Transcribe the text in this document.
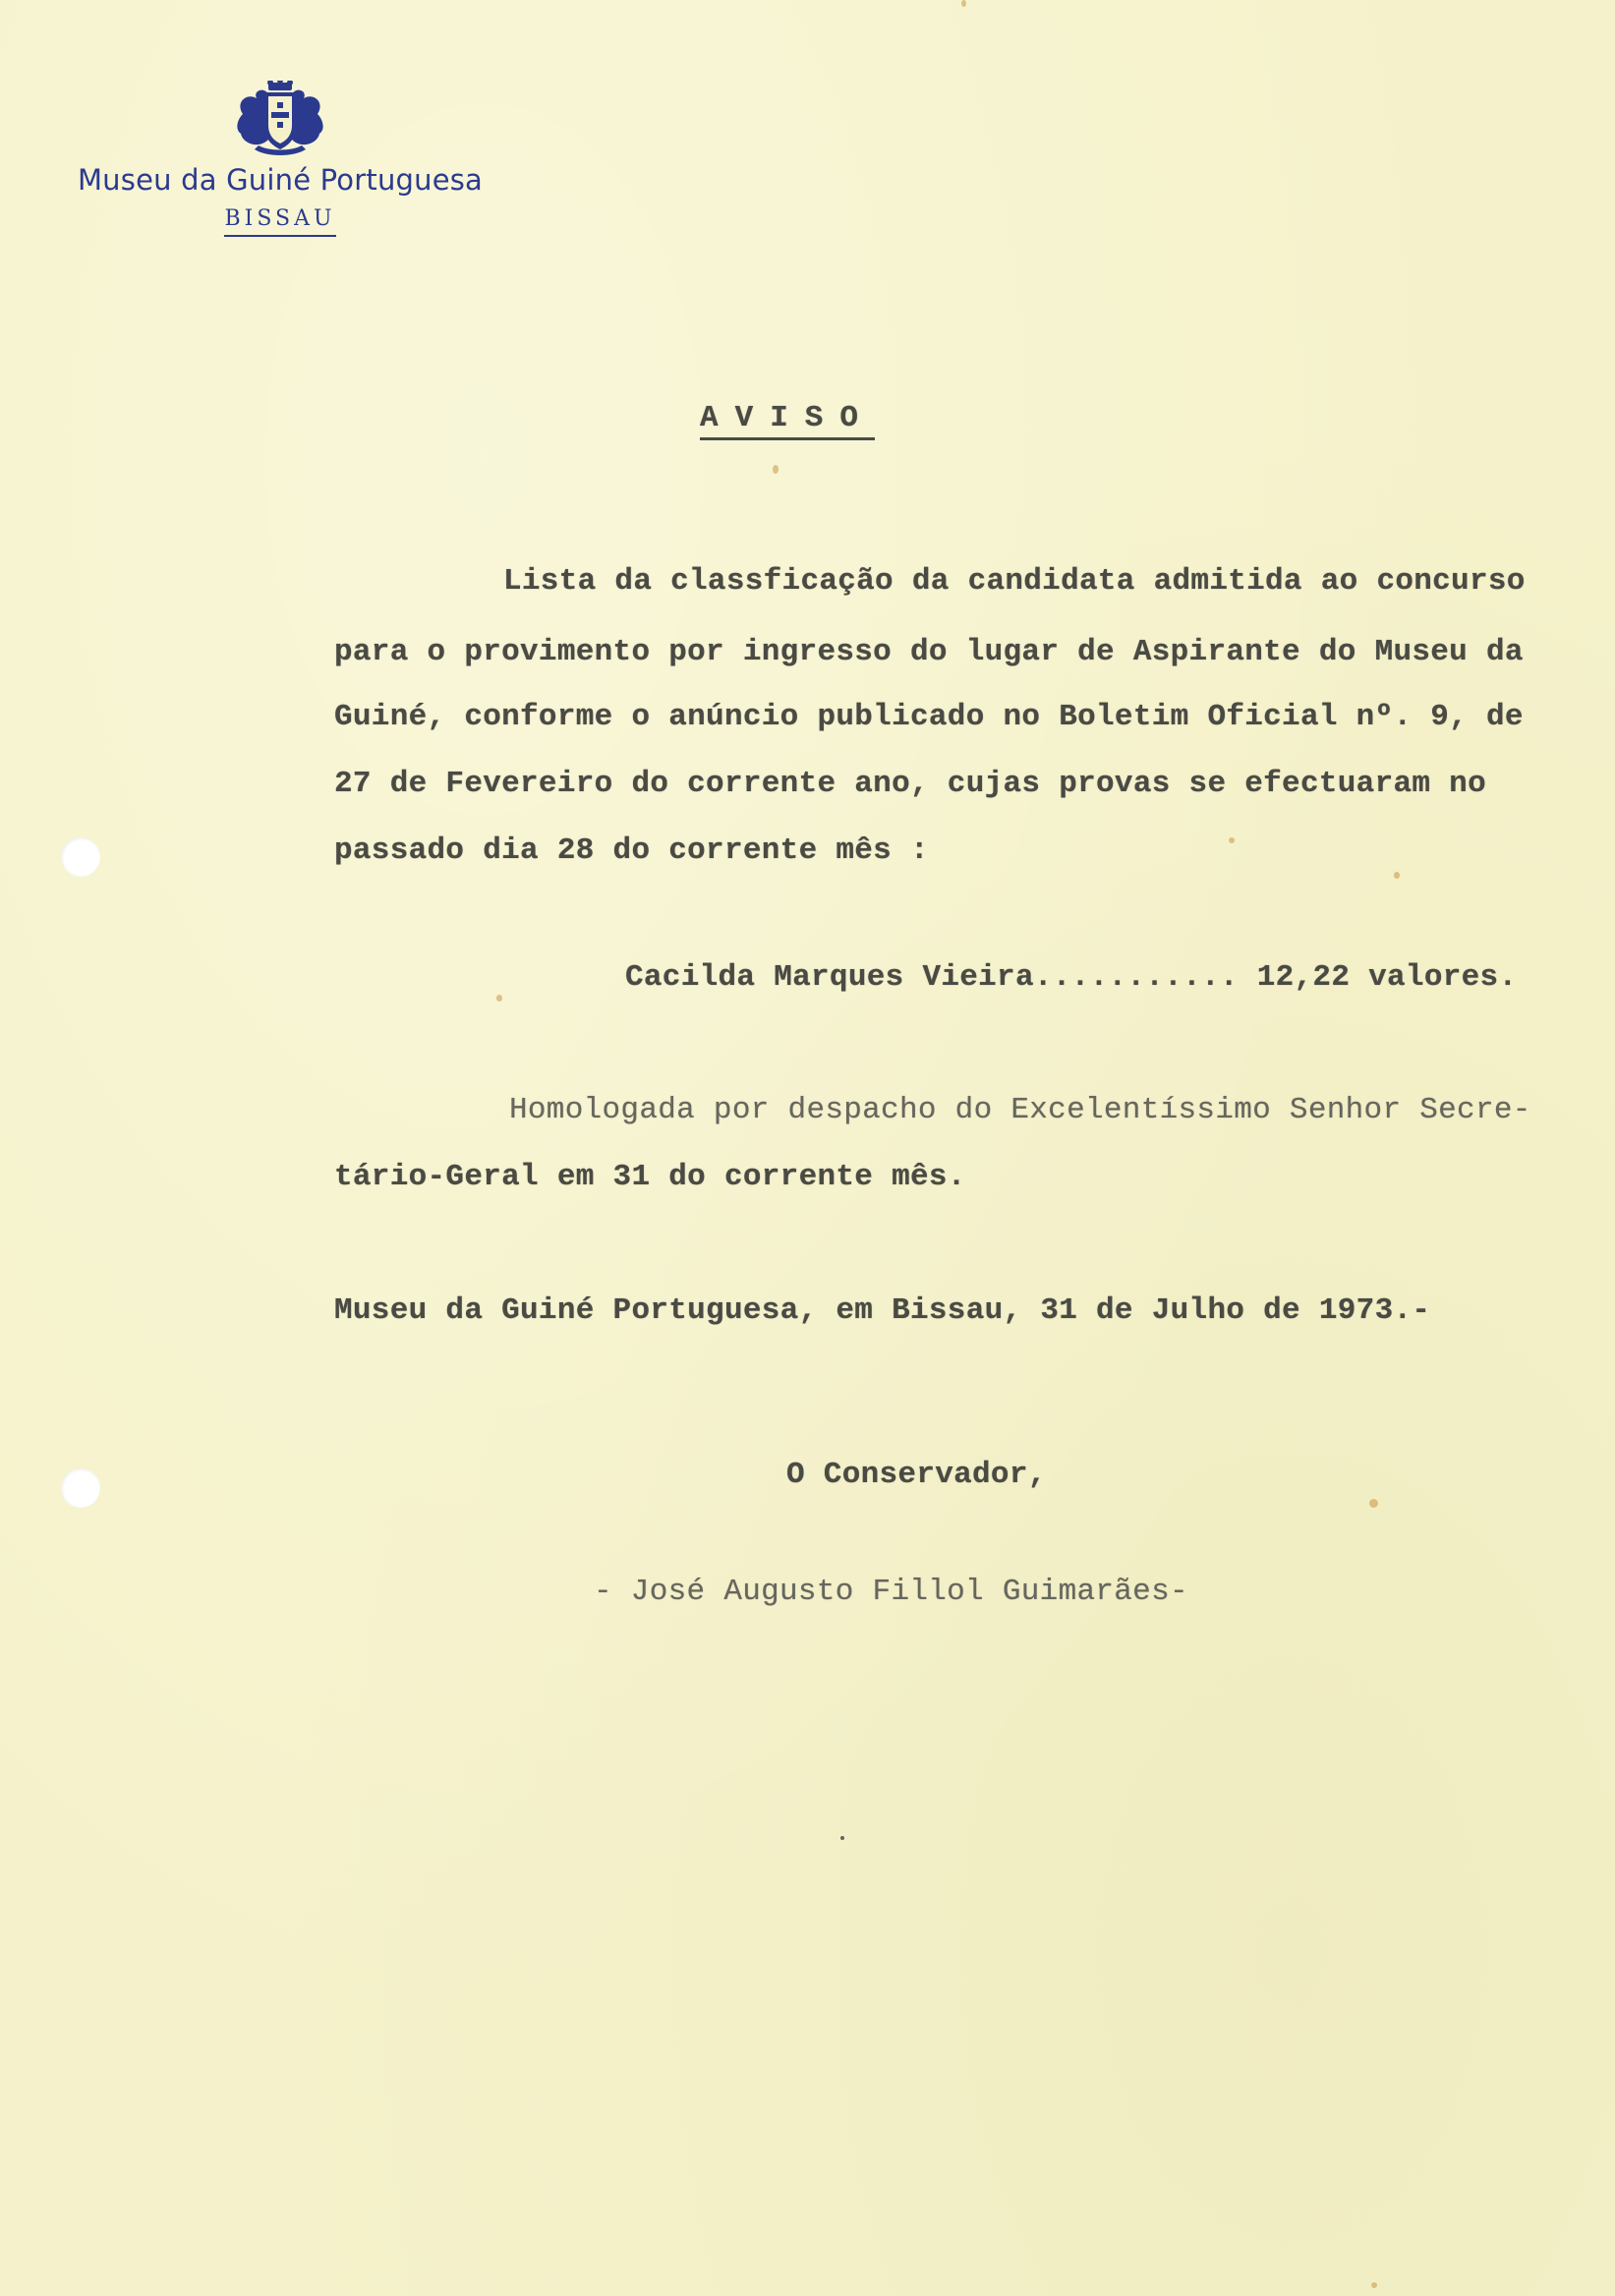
Museu da Guiné Portuguesa
BISSAU
AVISO
Lista da classficação da candidata admitida ao concurso
para o provimento por ingresso do lugar de Aspirante do Museu da
Guiné, conforme o anúncio publicado no Boletim Oficial nº. 9, de
27 de Fevereiro do corrente ano, cujas provas se efectuaram no
passado dia 28 do corrente mês :
Cacilda Marques Vieira........... 12,22 valores.
Homologada por despacho do Excelentíssimo Senhor Secre-
tário-Geral em 31 do corrente mês.
Museu da Guiné Portuguesa, em Bissau, 31 de Julho de 1973.-
O Conservador,
- José Augusto Fillol Guimarães-
